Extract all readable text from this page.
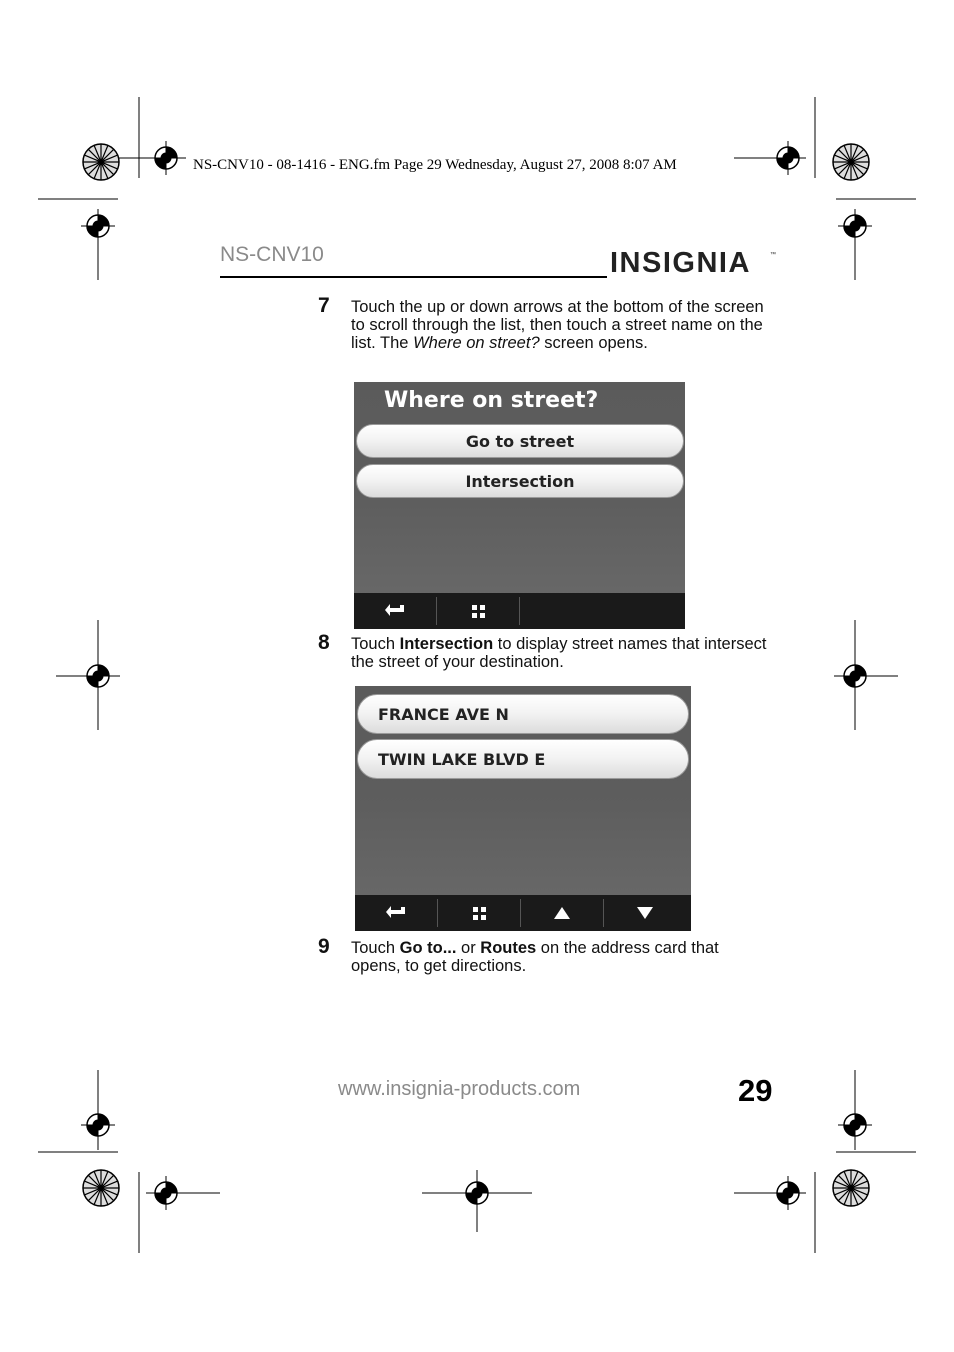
NS-CNV10 - 08-1416 - ENG.fm Page 29 Wednesday, August 27, 2008 8:07 AM
NS-CNV10	INSIGNIA	™
7 Touch the up or down arrows at the bottom of the screen to scroll through the list, then touch a street name on the list. The Where on street? screen opens.
Where on street?
Go to street
Intersection
8 Touch Intersection to display street names that intersect the street of your destination.
FRANCE AVE N
TWIN LAKE BLVD E
9 Touch Go to... or Routes on the address card that opens, to get directions.
www.insignia-products.com	29
